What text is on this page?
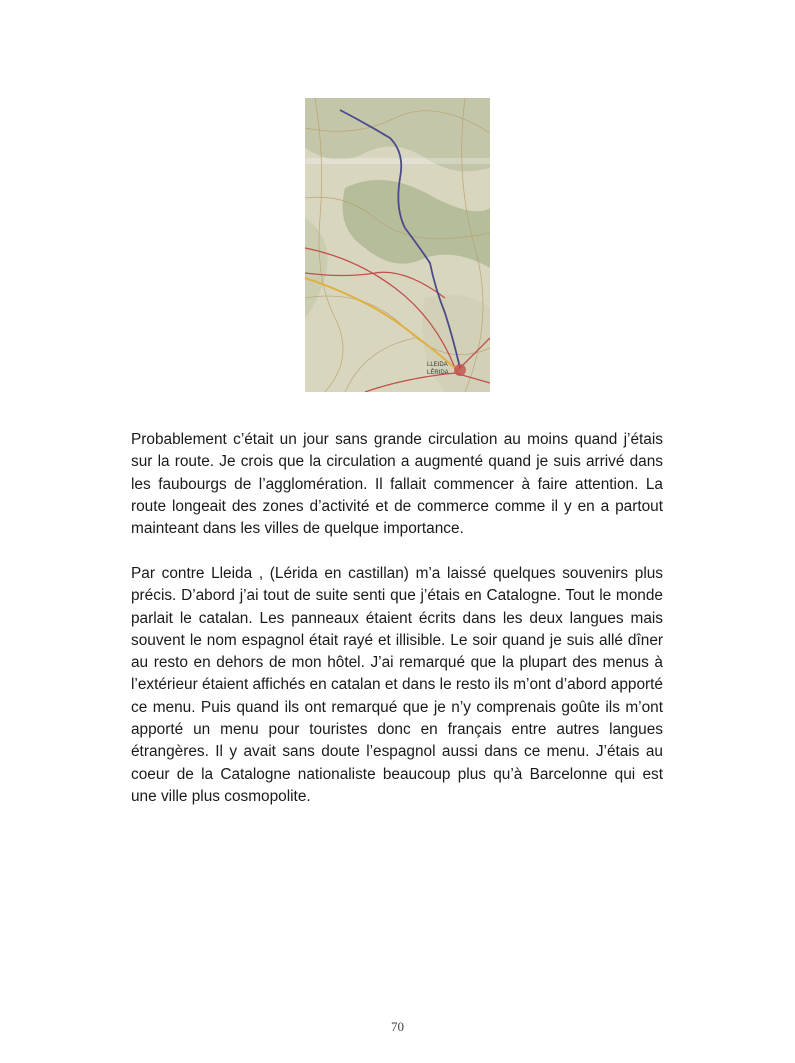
LLEIDA
LÉRIDA

Probablement c’était un jour sans grande circulation au moins quand j’étais sur la route. Je crois que la circulation a augmenté quand je suis arrivé dans les faubourgs de l’agglomération. Il fallait commencer à faire attention. La route longeait des zones d’activité et de commerce comme il y en a partout mainteant dans les villes de quelque importance.

Par contre Lleida , (Lérida en castillan) m’a laissé quelques souvenirs plus précis. D’abord j’ai tout de suite senti que j’étais en Catalogne. Tout le monde parlait le catalan. Les panneaux étaient écrits dans les deux langues mais souvent le nom espagnol était rayé et illisible. Le soir quand je suis allé dîner au resto en dehors de mon hôtel. J’ai remarqué que la plupart des menus à l’extérieur étaient affichés en catalan et dans le resto ils m’ont d’abord apporté ce menu. Puis quand ils ont remarqué que je n’y comprenais goûte ils m’ont apporté un menu pour touristes donc en français entre autres langues étrangères. Il y avait sans doute l’espagnol aussi dans ce menu. J’étais au coeur de la Catalogne nationaliste beaucoup plus qu’à Barcelonne qui est une ville plus cosmopolite.

70
